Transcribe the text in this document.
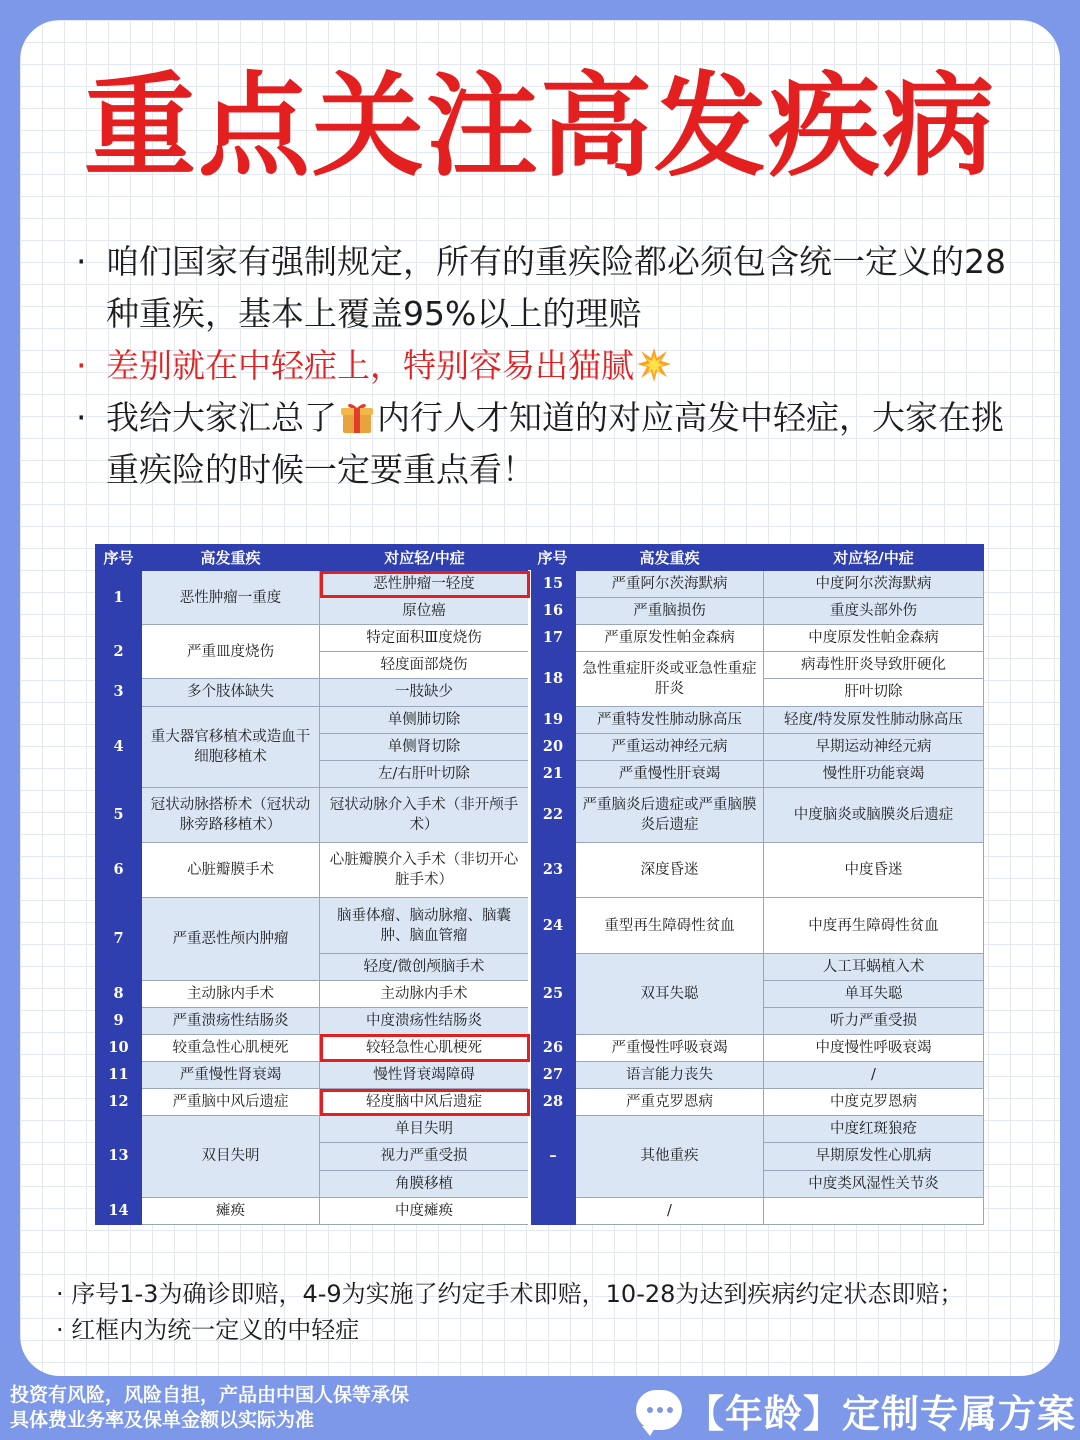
重点关注高发疾病
· 咱们国家有强制规定，所有的重疾险都必须包含统一定义的28种重疾，基本上覆盖95%以上的理赔
· 差别就在中轻症上，特别容易出猫腻
· 我给大家汇总了 内行人才知道的对应高发中轻症，大家在挑重疾险的时候一定要重点看！
序号	高发重疾	对应轻/中症	序号	高发重疾	对应轻/中症
1	恶性肿瘤一重度	恶性肿瘤一轻度	15	严重阿尔茨海默病	中度阿尔茨海默病
		原位癌	16	严重脑损伤	重度头部外伤
2	严重皿度烧伤	特定面积Ⅲ度烧伤	17	严重原发性帕金森病	中度原发性帕金森病
		轻度面部烧伤	18	急性重症肝炎或亚急性重症肝炎	病毒性肝炎导致肝硬化
3	多个肢体缺失	一肢缺少			肝叶切除
4	重大器官移植术或造血干细胞移植术	单侧肺切除	19	严重特发性肺动脉高压	轻度/特发原发性肺动脉高压
		单侧肾切除	20	严重运动神经元病	早期运动神经元病
		左/右肝叶切除	21	严重慢性肝衰竭	慢性肝功能衰竭
5	冠状动脉搭桥术（冠状动脉旁路移植术）	冠状动脉介入手术（非开颅手术）	22	严重脑炎后遗症或严重脑膜炎后遗症	中度脑炎或脑膜炎后遗症
6	心脏瓣膜手术	心脏瓣膜介入手术（非切开心脏手术）	23	深度昏迷	中度昏迷
7	严重恶性颅内肿瘤	脑垂体瘤、脑动脉瘤、脑囊肿、脑血管瘤	24	重型再生障碍性贫血	中度再生障碍性贫血
		轻度/微创颅脑手术	25	双耳失聪	人工耳蜗植入术
8	主动脉内手术	主动脉内手术			单耳失聪
9	严重溃疡性结肠炎	中度溃疡性结肠炎			听力严重受损
10	较重急性心肌梗死	较轻急性心肌梗死	26	严重慢性呼吸衰竭	中度慢性呼吸衰竭
11	严重慢性肾衰竭	慢性肾衰竭障碍	27	语言能力丧失	/
12	严重脑中风后遗症	轻度脑中风后遗症	28	严重克罗恩病	中度克罗恩病
13	双目失明	单目失明	–	其他重疾	中度红斑狼疮
		视力严重受损			早期原发性心肌病
		角膜移植			中度类风湿性关节炎
14	瘫痪	中度瘫痪		/	
· 序号1-3为确诊即赔，4-9为实施了约定手术即赔，10-28为达到疾病约定状态即赔；
· 红框内为统一定义的中轻症
投资有风险，风险自担，产品由中国人保等承保
具体费业务率及保单金额以实际为准	【年龄】定制专属方案
